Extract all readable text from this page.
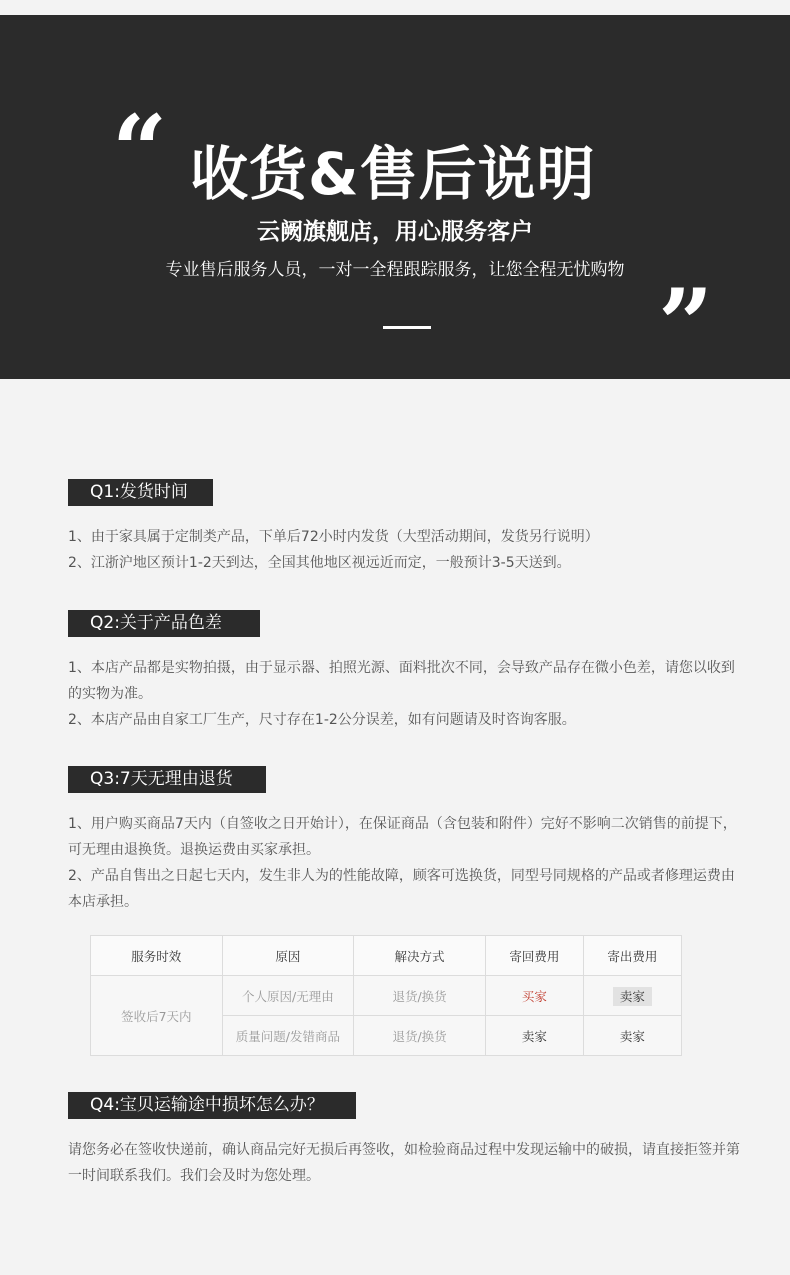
“ 收货&售后说明
云阙旗舰店，用心服务客户
专业售后服务人员，一对一全程跟踪服务，让您全程无忧购物 ”
Q1:发货时间

1、由于家具属于定制类产品，下单后72小时内发货（大型活动期间，发货另行说明）

2、江浙沪地区预计1-2天到达，全国其他地区视远近而定，一般预计3-5天送到。

Q2:关于产品色差

1、本店产品都是实物拍摄，由于显示器、拍照光源、面料批次不同，会导致产品存在微小色差，请您以收到的实物为准。

2、本店产品由自家工厂生产，尺寸存在1-2公分误差，如有问题请及时咨询客服。

Q3:7天无理由退货

1、用户购买商品7天内（自签收之日开始计），在保证商品（含包装和附件）完好不影响二次销售的前提下，可无理由退换货。退换运费由买家承担。

2、产品自售出之日起七天内，发生非人为的性能故障，顾客可选换货，同型号同规格的产品或者修理运费由本店承担。

服务时效	原因	解决方式	寄回费用	寄出费用
签收后7天内	个人原因/无理由	退货/换货	买家	卖家
	质量问题/发错商品	退货/换货	卖家	卖家
Q4:宝贝运输途中损坏怎么办？

请您务必在签收快递前，确认商品完好无损后再签收，如检验商品过程中发现运输中的破损，请直接拒签并第一时间联系我们。我们会及时为您处理。
